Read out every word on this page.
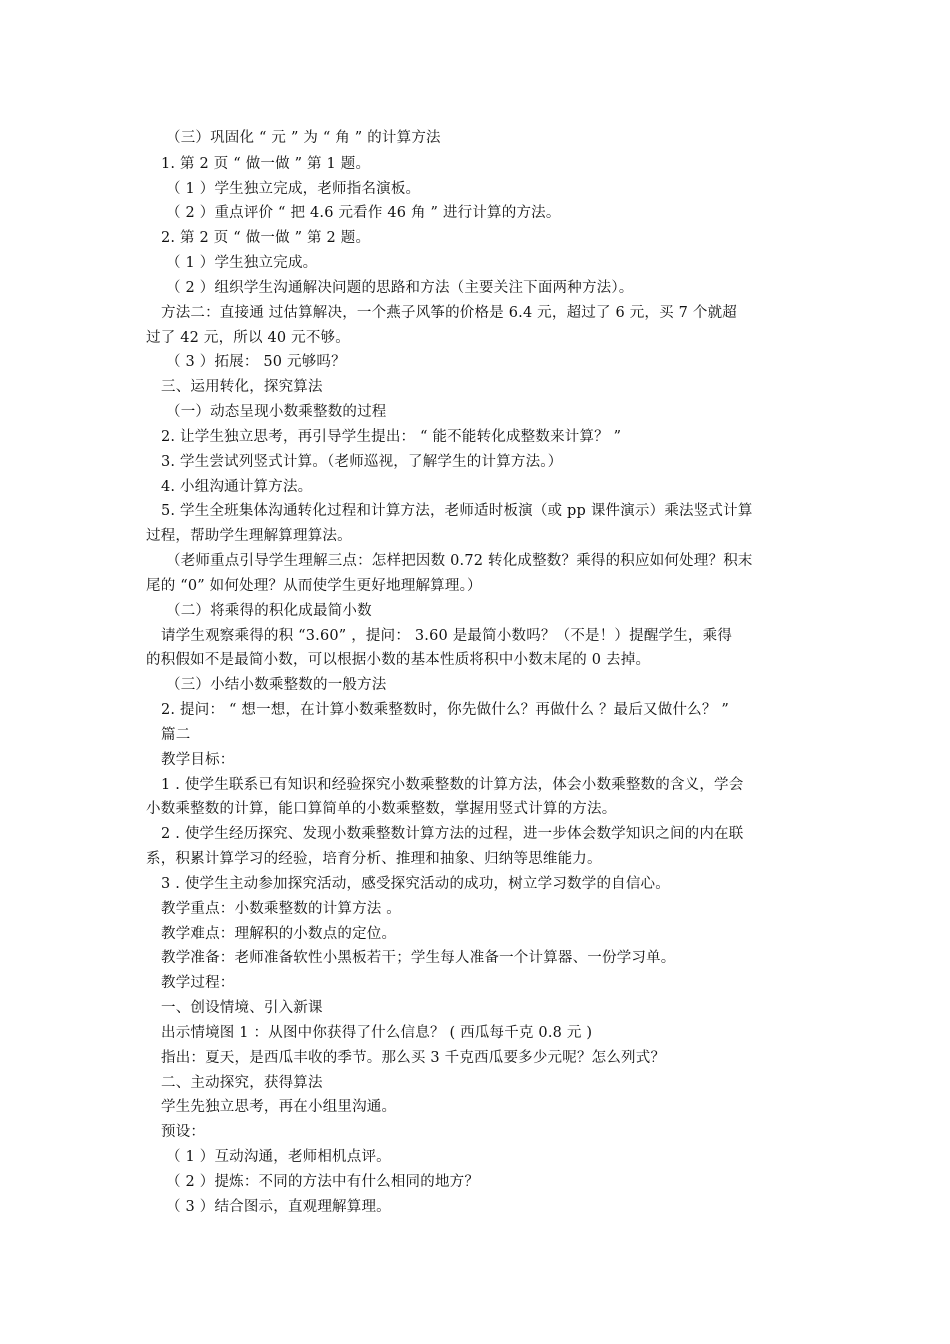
（三）巩固化 “ 元 ” 为 “ 角 ” 的计算方法
1. 第 2 页 “ 做一做 ” 第 1 题。
（ 1 ）学生独立完成，老师指名演板。
（ 2 ）重点评价 “ 把 4.6 元看作 46 角 ” 进行计算的方法。
2. 第 2 页 “ 做一做 ” 第 2 题。
（ 1 ）学生独立完成。
（ 2 ）组织学生沟通解决问题的思路和方法（主要关注下面两种方法）。
方法二：直接通 过估算解决，一个燕子风筝的价格是 6.4 元，超过了 6 元，买 7 个就超
过了 42 元，所以 40 元不够。
（ 3 ）拓展： 50 元够吗？
三、运用转化，探究算法
（一）动态呈现小数乘整数的过程
2. 让学生独立思考，再引导学生提出： “ 能不能转化成整数来计算？ ”
3. 学生尝试列竖式计算。（老师巡视，了解学生的计算方法。）
4. 小组沟通计算方法。
5. 学生全班集体沟通转化过程和计算方法，老师适时板演（或 pp 课件演示）乘法竖式计算
过程，帮助学生理解算理算法。
（老师重点引导学生理解三点：怎样把因数 0.72 转化成整数？乘得的积应如何处理？积末
尾的 “0” 如何处理？从而使学生更好地理解算理。）
（二）将乘得的积化成最简小数
请学生观察乘得的积 “3.60” ，提问： 3.60 是最简小数吗？（不是！）提醒学生，乘得
的积假如不是最简小数，可以根据小数的基本性质将积中小数末尾的 0 去掉。
（三）小结小数乘整数的一般方法
2. 提问： “ 想一想，在计算小数乘整数时，你先做什么？再做什么 ？最后又做什么？ ”
篇二
教学目标：
1 . 使学生联系已有知识和经验探究小数乘整数的计算方法，体会小数乘整数的含义，学会
小数乘整数的计算，能口算简单的小数乘整数，掌握用竖式计算的方法。
2 . 使学生经历探究、发现小数乘整数计算方法的过程，进一步体会数学知识之间的内在联
系，积累计算学习的经验，培育分析、推理和抽象、归纳等思维能力。
3 . 使学生主动参加探究活动，感受探究活动的成功，树立学习数学的自信心。
教学重点：小数乘整数的计算方法 。
教学难点：理解积的小数点的定位。
教学准备：老师准备软性小黑板若干；学生每人准备一个计算器、一份学习单。
教学过程：
一、创设情境、引入新课
出示情境图 1 ：从图中你获得了什么信息？ ( 西瓜每千克 0.8 元 )
指出：夏天，是西瓜丰收的季节。那么买 3 千克西瓜要多少元呢？怎么列式？
二、主动探究，获得算法
学生先独立思考，再在小组里沟通。
预设：
（ 1 ）互动沟通，老师相机点评。
（ 2 ）提炼：不同的方法中有什么相同的地方？
（ 3 ）结合图示，直观理解算理。
